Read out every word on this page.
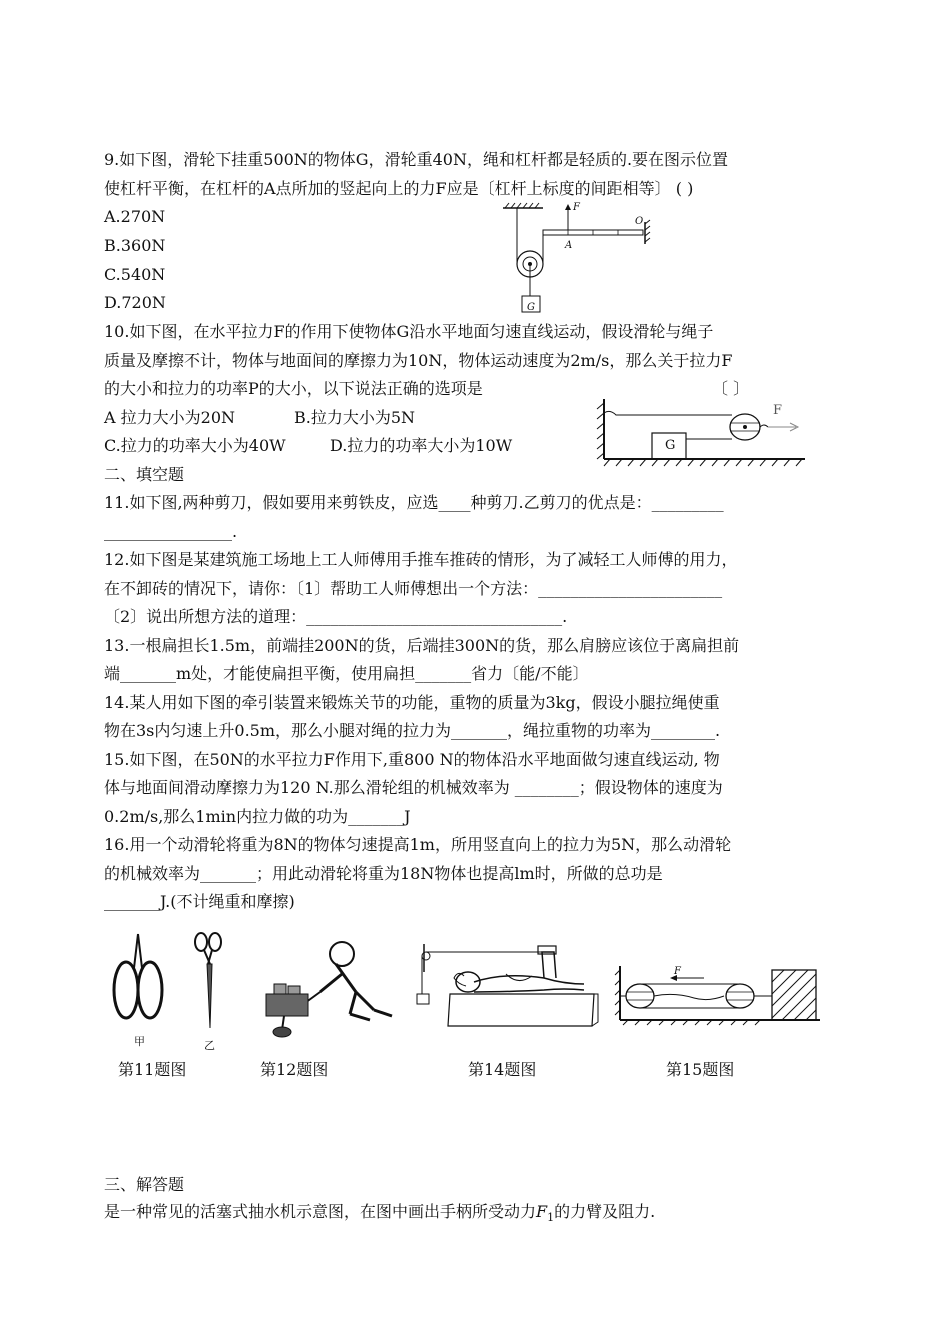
9.如下图，滑轮下挂重500N的物体G，滑轮重40N，绳和杠杆都是轻质的.要在图示位置
使杠杆平衡，在杠杆的A点所加的竖起向上的力F应是〔杠杆上标度的间距相等〕 ( )
A.270N
B.360N
C.540N
D.720N
F
O
A
G
10.如下图，在水平拉力F的作用下使物体G沿水平地面匀速直线运动，假设滑轮与绳子
质量及摩擦不计，物体与地面间的摩擦力为10N，物体运动速度为2m/s，那么关于拉力F
的大小和拉力的功率P的大小，以下说法正确的选项是	〔 〕
A 拉力大小为20N	B.拉力大小为5N
C.拉力的功率大小为40W	D.拉力的功率大小为10W
F
G
二、填空题
11.如下图,两种剪刀，假如要用来剪铁皮，应选____种剪刀.乙剪刀的优点是：_________
________________.
12.如下图是某建筑施工场地上工人师傅用手推车推砖的情形，为了减轻工人师傅的用力，
在不卸砖的情况下，请你：〔1〕帮助工人师傅想出一个方法：_______________________
〔2〕说出所想方法的道理：________________________________.
13.一根扁担长1.5m，前端挂200N的货，后端挂300N的货，那么肩膀应该位于离扁担前
端_______m处，才能使扁担平衡，使用扁担_______省力〔能/不能〕
14.某人用如下图的牵引装置来锻炼关节的功能，重物的质量为3kg，假设小腿拉绳使重
物在3s内匀速上升0.5m，那么小腿对绳的拉力为_______，绳拉重物的功率为________.
15.如下图，在50N的水平拉力F作用下,重800 N的物体沿水平地面做匀速直线运动, 物
体与地面间滑动摩擦力为120 N.那么滑轮组的机械效率为 ________；假设物体的速度为
0.2m/s,那么1min内拉力做的功为_______J
16.用一个动滑轮将重为8N的物体匀速提高1m，所用竖直向上的拉力为5N，那么动滑轮
的机械效率为_______；用此动滑轮将重为18N物体也提高lm时，所做的总功是
_______J.(不计绳重和摩擦)
甲	乙
F
第11题图	第12题图	第14题图	第15题图
三、解答题
是一种常见的活塞式抽水机示意图，在图中画出手柄所受动力$F_1$的力臂及阻力.
